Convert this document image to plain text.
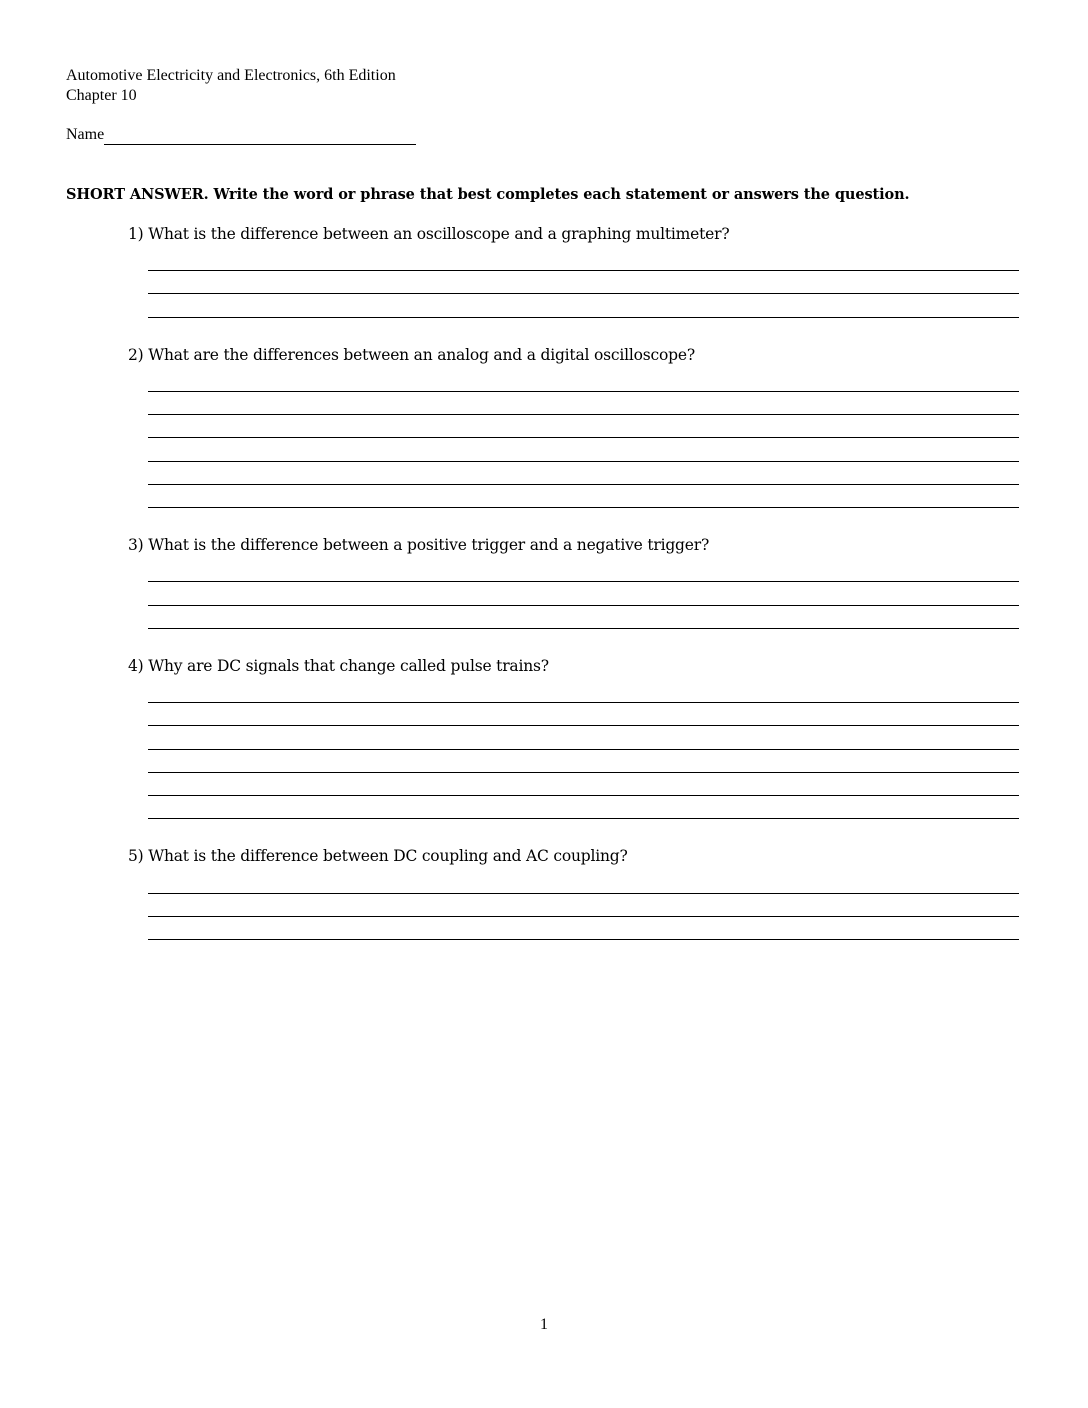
Automotive Electricity and Electronics, 6th Edition
Chapter 10
Name
SHORT ANSWER. Write the word or phrase that best completes each statement or answers the question.
1) What is the difference between an oscilloscope and a graphing multimeter?
2) What are the differences between an analog and a digital oscilloscope?
3) What is the difference between a positive trigger and a negative trigger?
4) Why are DC signals that change called pulse trains?
5) What is the difference between DC coupling and AC coupling?
1
